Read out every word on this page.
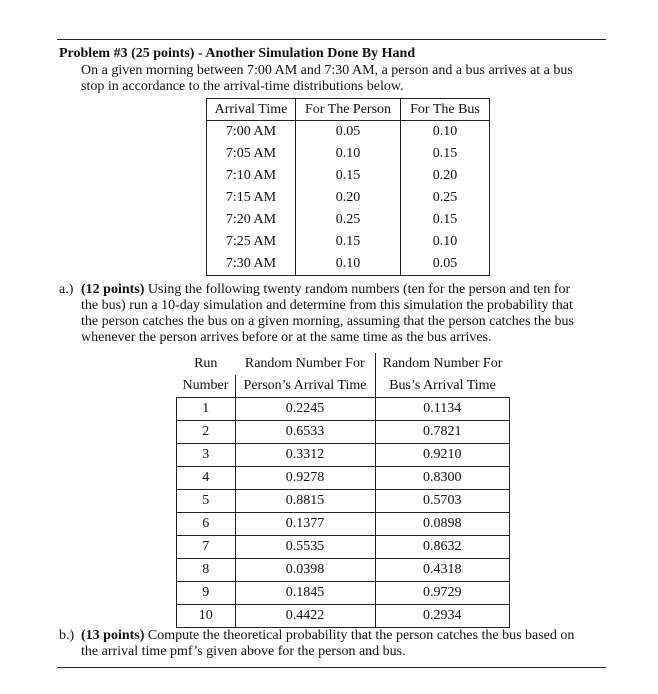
Problem #3 (25 points) - Another Simulation Done By Hand
On a given morning between 7:00 AM and 7:30 AM, a person and a bus arrives at a bus
stop in accordance to the arrival-time distributions below.
Arrival Time	For The Person	For The Bus
7:00 AM	0.05	0.10
7:05 AM	0.10	0.15
7:10 AM	0.15	0.20
7:15 AM	0.20	0.25
7:20 AM	0.25	0.15
7:25 AM	0.15	0.10
7:30 AM	0.10	0.05
a.) (12 points) Using the following twenty random numbers (ten for the person and ten for
the bus) run a 10-day simulation and determine from this simulation the probability that
the person catches the bus on a given morning, assuming that the person catches the bus
whenever the person arrives before or at the same time as the bus arrives.
Run	Random Number For	Random Number For
Number	Person’s Arrival Time	Bus’s Arrival Time
1	0.2245	0.1134
2	0.6533	0.7821
3	0.3312	0.9210
4	0.9278	0.8300
5	0.8815	0.5703
6	0.1377	0.0898
7	0.5535	0.8632
8	0.0398	0.4318
9	0.1845	0.9729
10	0.4422	0.2934
b.) (13 points) Compute the theoretical probability that the person catches the bus based on
the arrival time pmf’s given above for the person and bus.
